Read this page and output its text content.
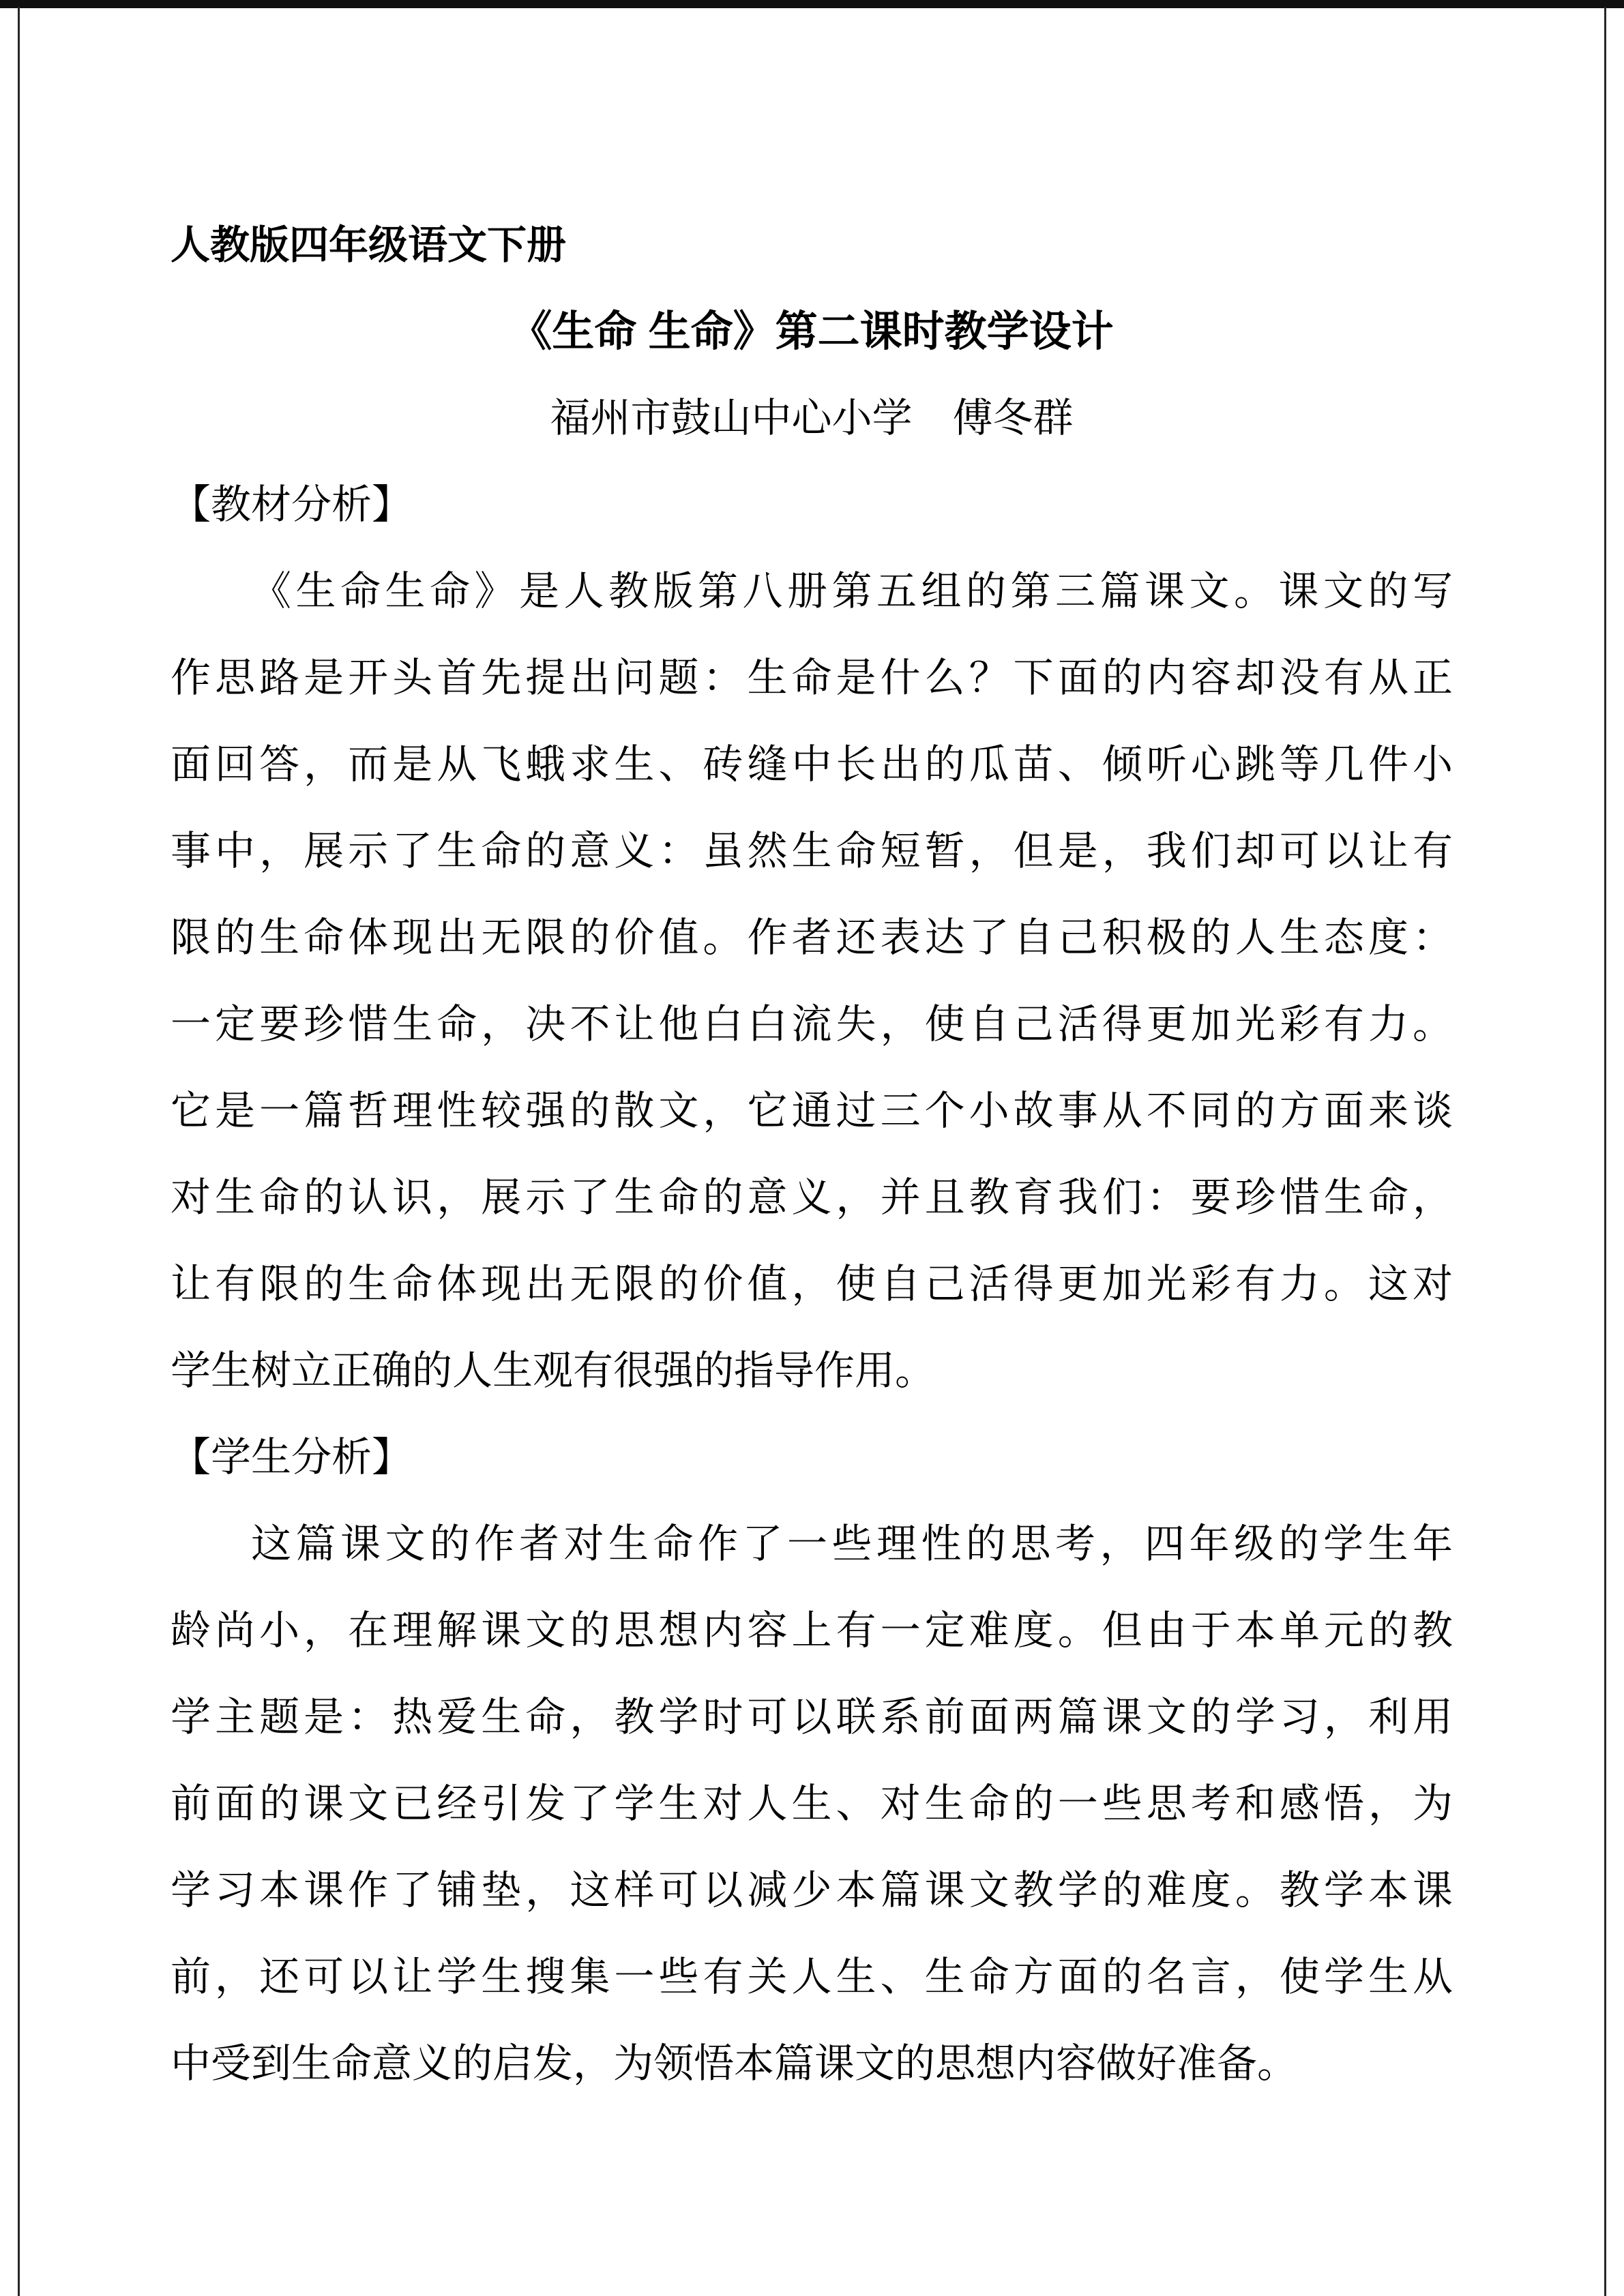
人教版四年级语文下册

《生命 生命》第二课时教学设计

福州市鼓山中心小学　傅冬群

【教材分析】
《生命生命》是人教版第八册第五组的第三篇课文。课文的写
作思路是开头首先提出问题：生命是什么？下面的内容却没有从正
面回答，而是从飞蛾求生、砖缝中长出的瓜苗、倾听心跳等几件小
事中，展示了生命的意义：虽然生命短暂，但是，我们却可以让有
限的生命体现出无限的价值。作者还表达了自己积极的人生态度：
一定要珍惜生命，决不让他白白流失，使自己活得更加光彩有力。
它是一篇哲理性较强的散文，它通过三个小故事从不同的方面来谈
对生命的认识，展示了生命的意义，并且教育我们：要珍惜生命，
让有限的生命体现出无限的价值，使自己活得更加光彩有力。这对
学生树立正确的人生观有很强的指导作用。
【学生分析】
这篇课文的作者对生命作了一些理性的思考，四年级的学生年
龄尚小，在理解课文的思想内容上有一定难度。但由于本单元的教
学主题是：热爱生命，教学时可以联系前面两篇课文的学习，利用
前面的课文已经引发了学生对人生、对生命的一些思考和感悟，为
学习本课作了铺垫，这样可以减少本篇课文教学的难度。教学本课
前，还可以让学生搜集一些有关人生、生命方面的名言，使学生从
中受到生命意义的启发，为领悟本篇课文的思想内容做好准备。
